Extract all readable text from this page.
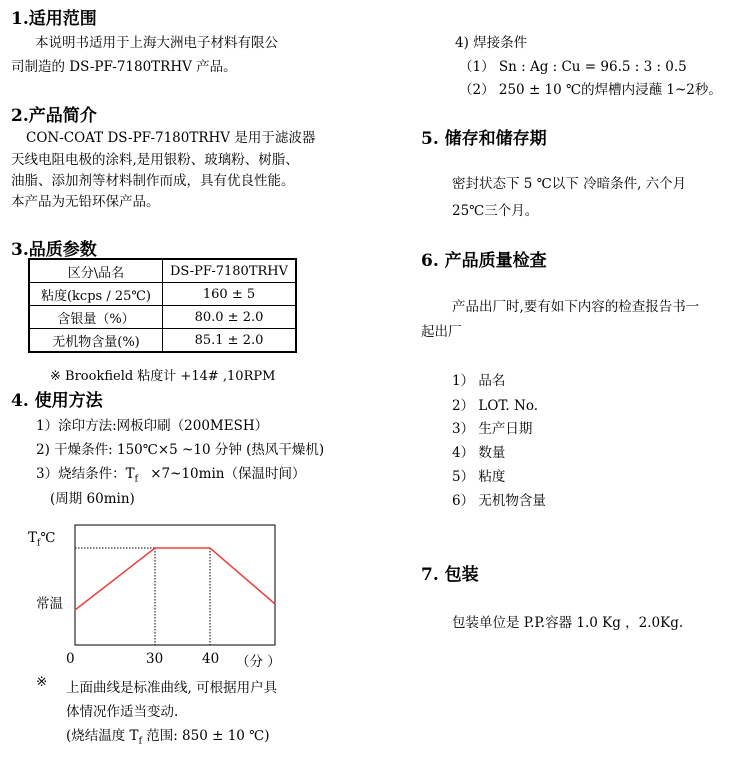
1.适用范围
本说明书适用于上海大洲电子材料有限公
司制造的 DS-PF-7180TRHV 产品。
2.产品简介
CON-COAT DS-PF-7180TRHV 是用于滤波器
天线电阻电极的涂料,是用银粉、玻璃粉、树脂、
油脂、添加剂等材料制作而成，具有优良性能。
本产品为无铅环保产品。
3.品质参数
区分\品名	DS-PF-7180TRHV
粘度(kcps / 25℃)	160 ± 5
含银量（%）	80.0 ± 2.0
无机物含量(%)	85.1 ± 2.0
※ Brookfield 粘度计 +14# ,10RPM
4. 使用方法
1）涂印方法:网板印刷（200MESH）
2) 干燥条件: 150℃×5 ~10 分钟 (热风干燥机)
3）烧结条件：$T_f$ ×7~10min（保温时间）
(周期 60min)
$T_f℃$
常温
0	30	40 （分 ）
※ 上面曲线是标准曲线, 可根据用户具
体情况作适当变动.
(烧结温度 $T_f$ 范围: 850 ± 10 ℃)
4) 焊接条件
（1） Sn : Ag : Cu = 96.5 : 3 : 0.5
（2） 250 ± 10 ℃的焊槽内浸蘸 1~2秒。
5. 储存和储存期
密封状态下 5 ℃以下 冷暗条件, 六个月
25℃三个月。
6. 产品质量检查
产品出厂时,要有如下内容的检查报告书一
起出厂
1） 品名
2） LOT. No.
3） 生产日期
4） 数量
5） 粘度
6） 无机物含量
7. 包装
包装单位是 P.P.容器 1.0 Kg ，2.0Kg.
